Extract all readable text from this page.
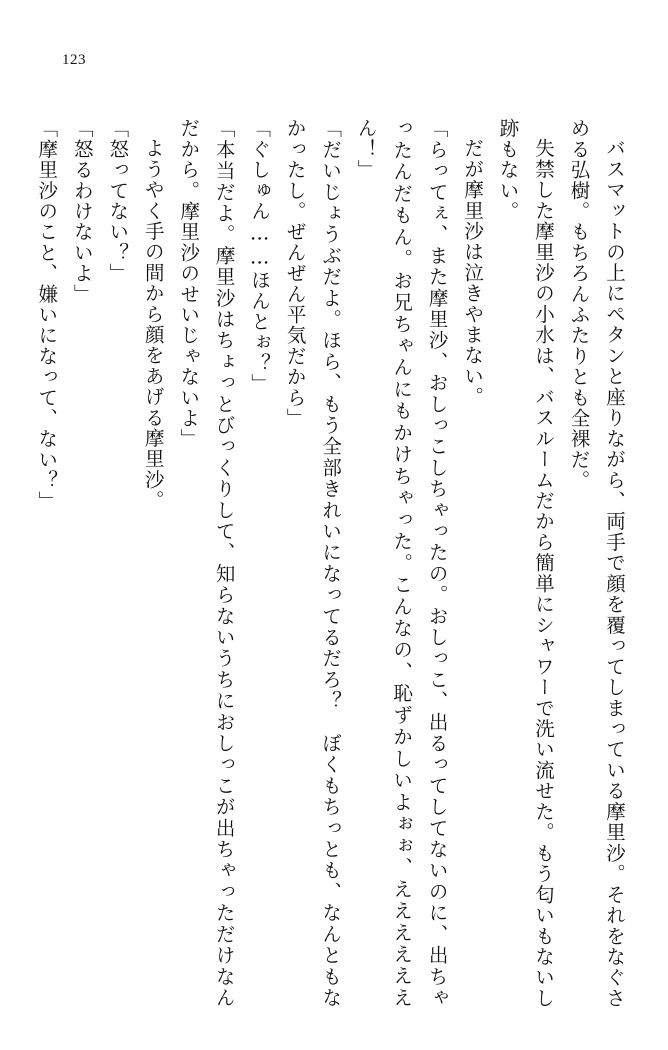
123

バスマットの上にペタンと座りながら、両手で顔を覆ってしまっている摩里沙。それをなぐさめる弘樹。もちろんふたりとも全裸だ。

失禁した摩里沙の小水は、バスルームだから簡単にシャワーで洗い流せた。もう匂いもないし跡もない。

だが摩里沙は泣きやまない。

「らってぇ、また摩里沙、おしっこしちゃったの。おしっこ、出るってしてないのに、出ちゃったんだもん。お兄ちゃんにもかけちゃった。こんなの、恥ずかしいよぉぉ、ええええええん！」

「だいじょうぶだよ。ほら、もう全部きれいになってるだろ？　ぼくもちっとも、なんともなかったし。ぜんぜん平気だから」

「ぐしゅん……ほんとぉ？」

「本当だよ。摩里沙はちょっとびっくりして、知らないうちにおしっこが出ちゃっただけなんだから。摩里沙のせいじゃないよ」

ようやく手の間から顔をあげる摩里沙。

「怒ってない？」

「怒るわけないよ」

「摩里沙のこと、嫌いになって、ない？」
